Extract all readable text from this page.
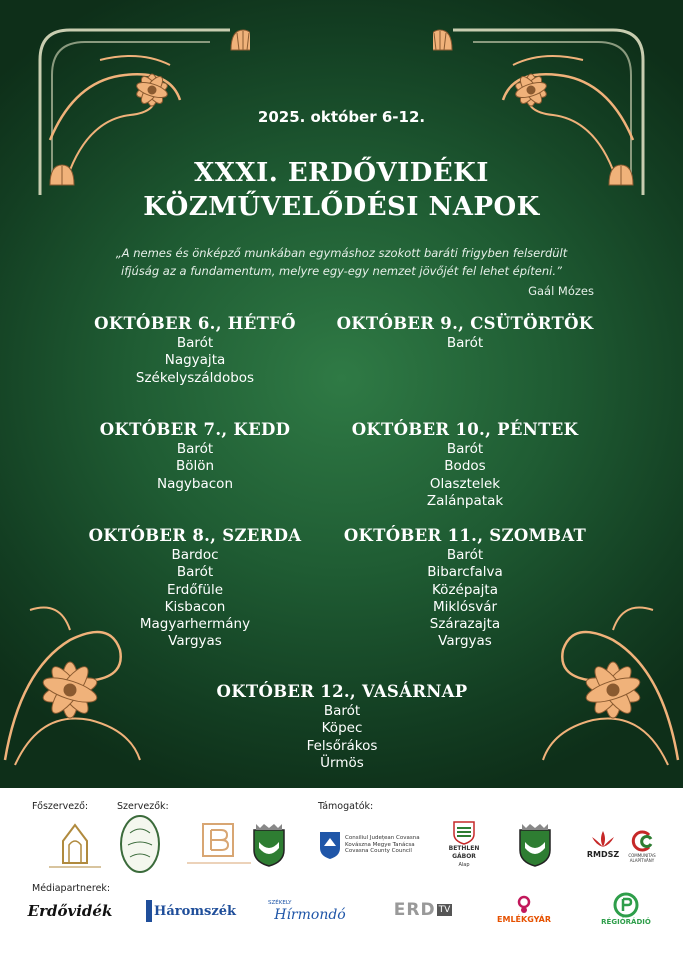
2025. október 6-12.
XXXI. ERDŐVIDÉKI
KÖZMŰVELŐDÉSI NAPOK
„A nemes és önképző munkában egymáshoz szokott baráti frigyben felserdült
ifjúság az a fundamentum, melyre egy-egy nemzet jövőjét fel lehet építeni.”
Gaál Mózes
OKTÓBER 6., HÉTFŐ
Barót
Nagyajta
Székelyszáldobos
OKTÓBER 9., CSÜTÖRTÖK
Barót
OKTÓBER 7., KEDD
Barót
Bölön
Nagybacon
OKTÓBER 10., PÉNTEK
Barót
Bodos
Olasztelek
Zalánpatak
OKTÓBER 8., SZERDA
Bardoc
Barót
Erdőfüle
Kisbacon
Magyarhermány
Vargyas
OKTÓBER 11., SZOMBAT
Barót
Bibarcfalva
Középajta
Miklósvár
Szárazajta
Vargyas
OKTÓBER 12., VASÁRNAP
Barót
Köpec
Felsőrákos
Ürmös
Főszervező:	Szervezők:	Támogatók:
Médiapartnerek:
Consiliul Județean Covasna Kovászna Megye Tanácsa Covasna County Council	BETHLEN GÁBOR
Alap
RMDSZ	COMMUNITAS ALAPÍTVÁNY
Erdővidék	Háromszék
SZÉKELY
Hírmondó	ERD TV
EMLÉKGYÁR	RÉGIÓRÁDIÓ
